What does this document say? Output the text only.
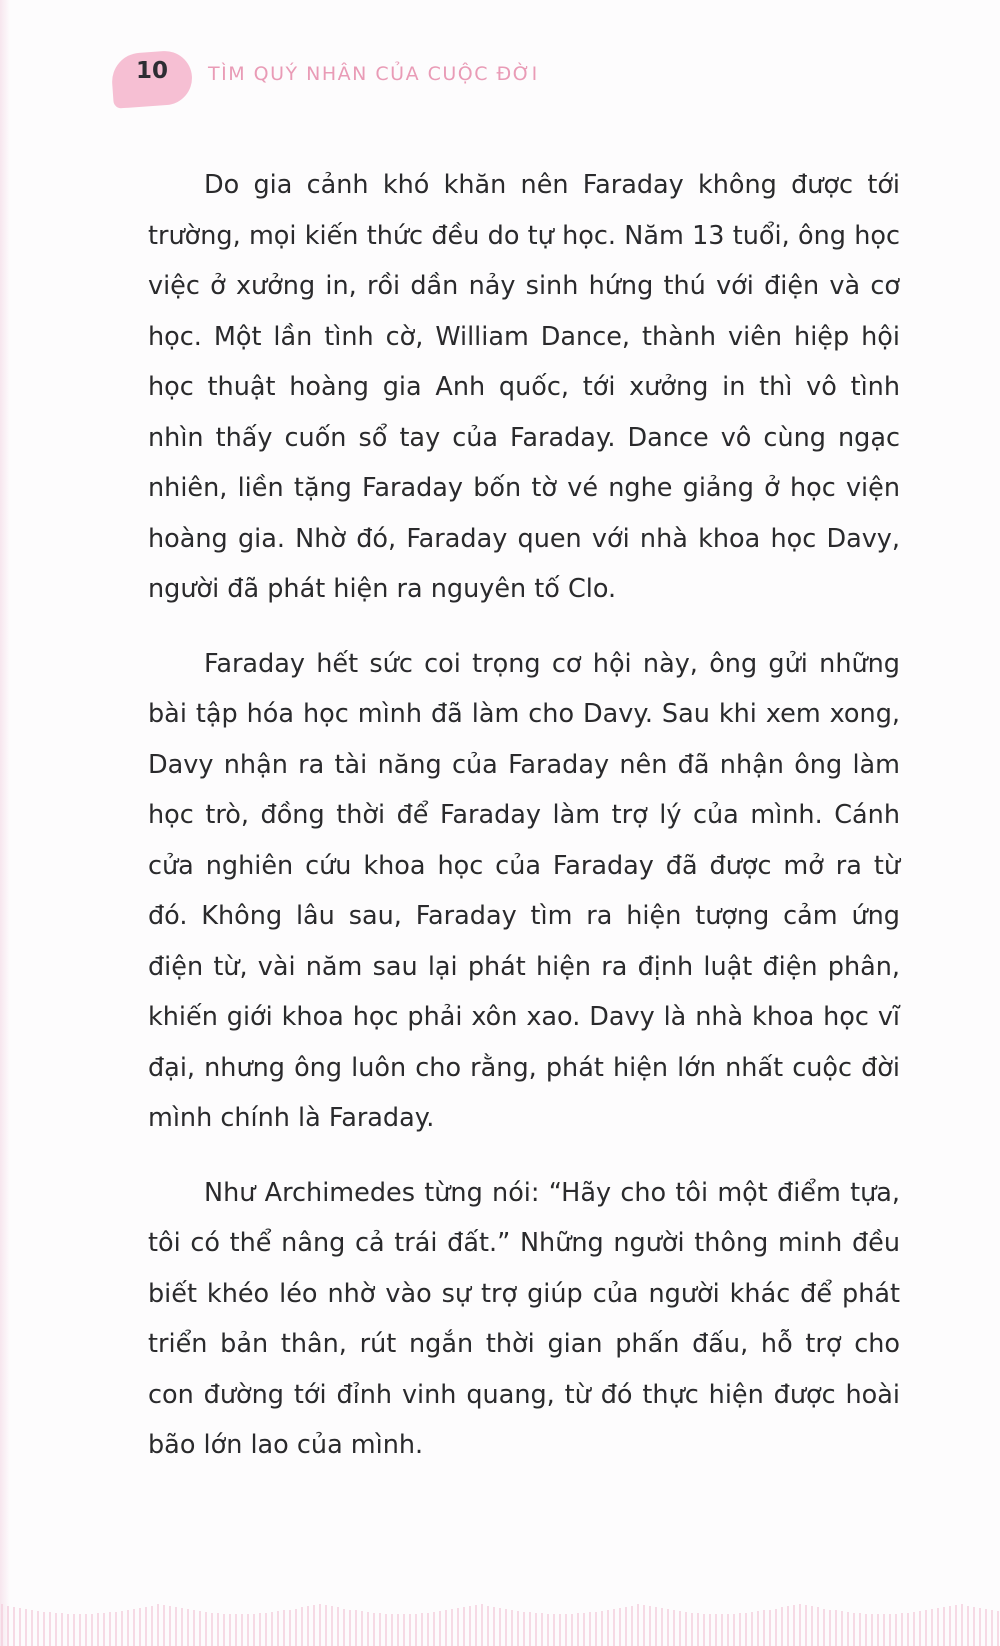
10	TÌM QUÝ NHÂN CỦA CUỘC ĐỜI

Do gia cảnh khó khăn nên Faraday không được tới trường, mọi kiến thức đều do tự học. Năm 13 tuổi, ông học việc ở xưởng in, rồi dần nảy sinh hứng thú với điện và cơ học. Một lần tình cờ, William Dance, thành viên hiệp hội học thuật hoàng gia Anh quốc, tới xưởng in thì vô tình nhìn thấy cuốn sổ tay của Faraday. Dance vô cùng ngạc nhiên, liền tặng Faraday bốn tờ vé nghe giảng ở học viện hoàng gia. Nhờ đó, Faraday quen với nhà khoa học Davy, người đã phát hiện ra nguyên tố Clo.

Faraday hết sức coi trọng cơ hội này, ông gửi những bài tập hóa học mình đã làm cho Davy. Sau khi xem xong, Davy nhận ra tài năng của Faraday nên đã nhận ông làm học trò, đồng thời để Faraday làm trợ lý của mình. Cánh cửa nghiên cứu khoa học của Faraday đã được mở ra từ đó. Không lâu sau, Faraday tìm ra hiện tượng cảm ứng điện từ, vài năm sau lại phát hiện ra định luật điện phân, khiến giới khoa học phải xôn xao. Davy là nhà khoa học vĩ đại, nhưng ông luôn cho rằng, phát hiện lớn nhất cuộc đời mình chính là Faraday.

Như Archimedes từng nói: “Hãy cho tôi một điểm tựa, tôi có thể nâng cả trái đất.” Những người thông minh đều biết khéo léo nhờ vào sự trợ giúp của người khác để phát triển bản thân, rút ngắn thời gian phấn đấu, hỗ trợ cho con đường tới đỉnh vinh quang, từ đó thực hiện được hoài bão lớn lao của mình.
